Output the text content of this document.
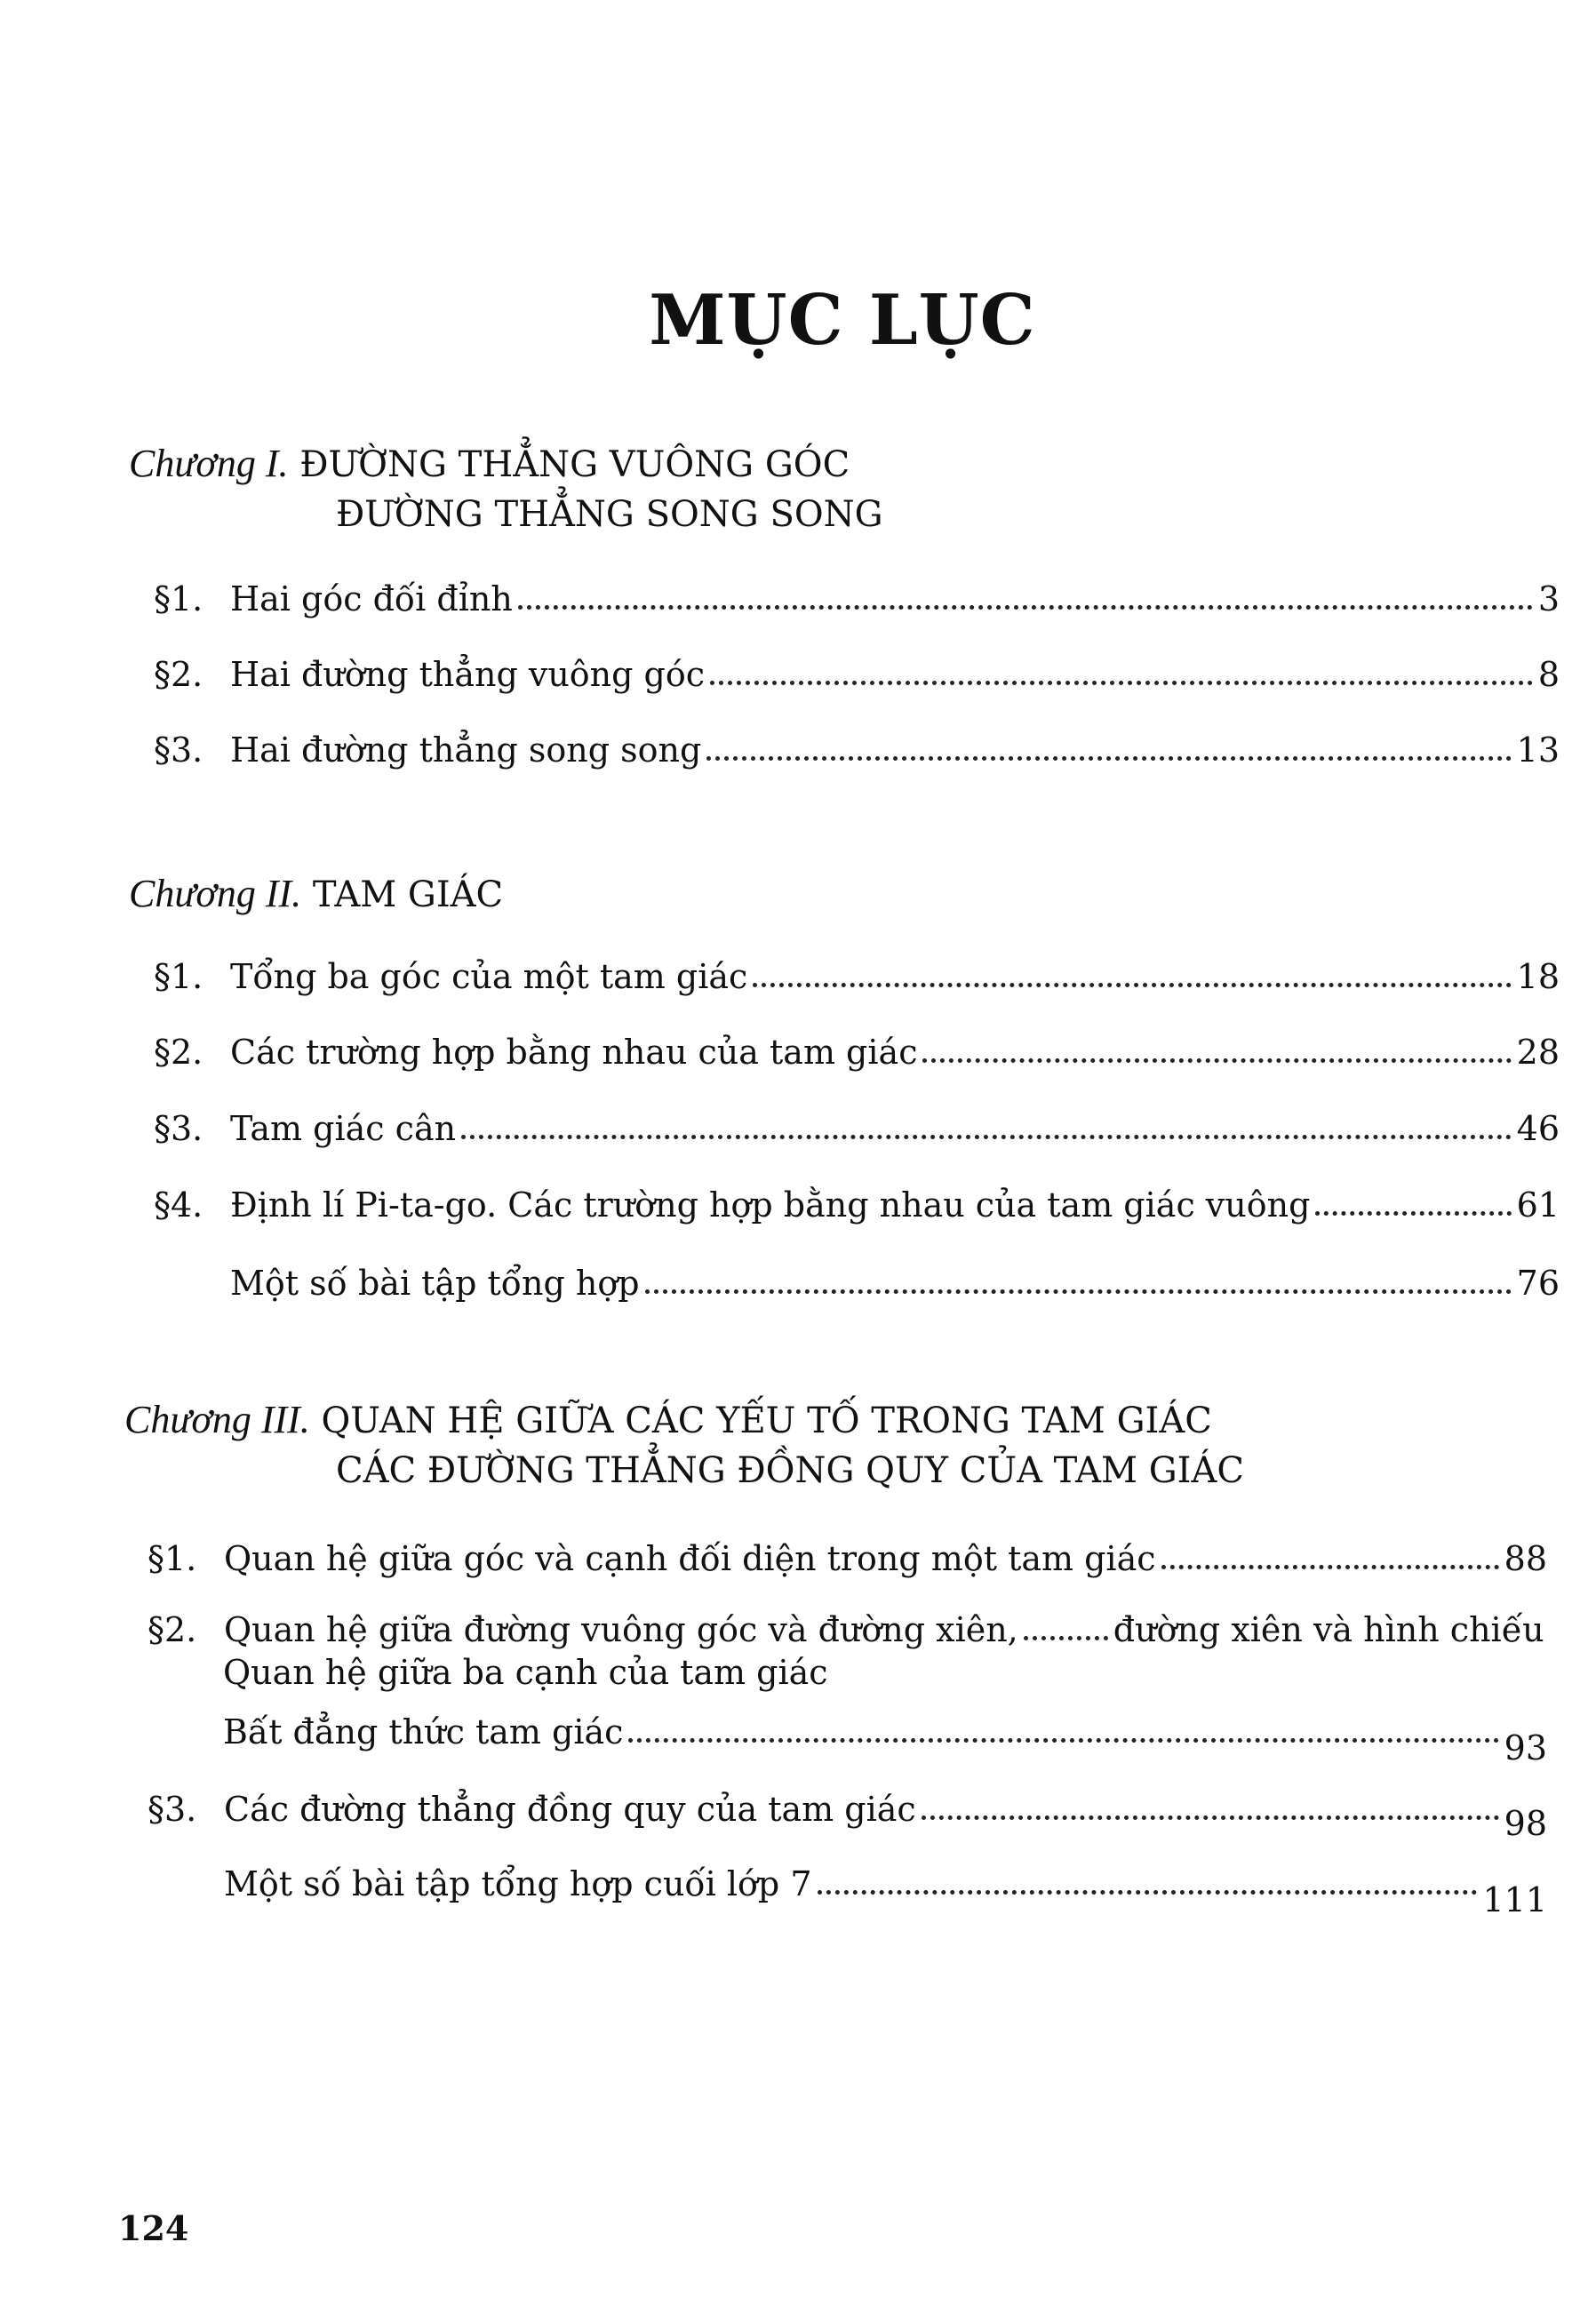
MỤC LỤC
Chương I. ĐƯỜNG THẲNG VUÔNG GÓC
ĐƯỜNG THẲNG SONG SONG
§1. Hai góc đối đỉnh	3
§2. Hai đường thẳng vuông góc	8
§3. Hai đường thẳng song song	13
Chương II. TAM GIÁC
§1. Tổng ba góc của một tam giác	18
§2. Các trường hợp bằng nhau của tam giác	28
§3. Tam giác cân	46
§4. Định lí Pi-ta-go. Các trường hợp bằng nhau của tam giác vuông	61
Một số bài tập tổng hợp	76
Chương III. QUAN HỆ GIỮA CÁC YẾU TỐ TRONG TAM GIÁC
CÁC ĐƯỜNG THẲNG ĐỒNG QUY CỦA TAM GIÁC
§1. Quan hệ giữa góc và cạnh đối diện trong một tam giác	88
§2. Quan hệ giữa đường vuông góc và đường xiên,	đường xiên và hình chiếu
Quan hệ giữa ba cạnh của tam giác
Bất đẳng thức tam giác	93
§3. Các đường thẳng đồng quy của tam giác	98
Một số bài tập tổng hợp cuối lớp 7	111
124
